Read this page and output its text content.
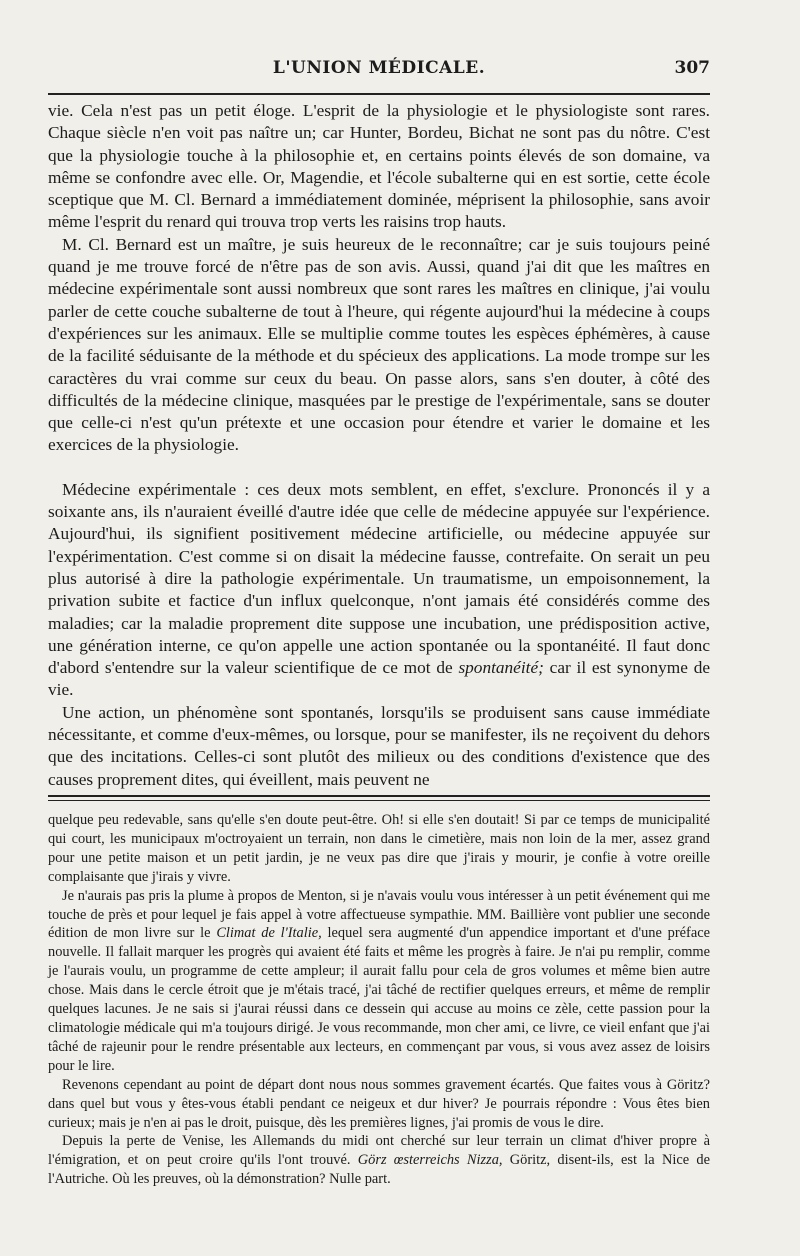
L'UNION MÉDICALE.	307

vie. Cela n'est pas un petit éloge. L'esprit de la physiologie et le physiologiste sont rares. Chaque siècle n'en voit pas naître un; car Hunter, Bordeu, Bichat ne sont pas du nôtre. C'est que la physiologie touche à la philosophie et, en certains points élevés de son domaine, va même se confondre avec elle. Or, Magendie, et l'école subalterne qui en est sortie, cette école sceptique que M. Cl. Bernard a immédiatement dominée, méprisent la philosophie, sans avoir même l'esprit du renard qui trouva trop verts les raisins trop hauts.

M. Cl. Bernard est un maître, je suis heureux de le reconnaître; car je suis toujours peiné quand je me trouve forcé de n'être pas de son avis. Aussi, quand j'ai dit que les maîtres en médecine expérimentale sont aussi nombreux que sont rares les maîtres en clinique, j'ai voulu parler de cette couche subalterne de tout à l'heure, qui régente aujourd'hui la médecine à coups d'expériences sur les animaux. Elle se multiplie comme toutes les espèces éphémères, à cause de la facilité séduisante de la méthode et du spécieux des applications. La mode trompe sur les caractères du vrai comme sur ceux du beau. On passe alors, sans s'en douter, à côté des difficultés de la médecine clinique, masquées par le prestige de l'expérimentale, sans se douter que celle-ci n'est qu'un prétexte et une occasion pour étendre et varier le domaine et les exercices de la physiologie.

Médecine expérimentale : ces deux mots semblent, en effet, s'exclure. Prononcés il y a soixante ans, ils n'auraient éveillé d'autre idée que celle de médecine appuyée sur l'expérience. Aujourd'hui, ils signifient positivement médecine artificielle, ou médecine appuyée sur l'expérimentation. C'est comme si on disait la médecine fausse, contrefaite. On serait un peu plus autorisé à dire la pathologie expérimentale. Un traumatisme, un empoisonnement, la privation subite et factice d'un influx quelconque, n'ont jamais été considérés comme des maladies; car la maladie proprement dite suppose une incubation, une prédisposition active, une génération interne, ce qu'on appelle une action spontanée ou la spontanéité. Il faut donc d'abord s'entendre sur la valeur scientifique de ce mot de spontanéité; car il est synonyme de vie.

Une action, un phénomène sont spontanés, lorsqu'ils se produisent sans cause immédiate nécessitante, et comme d'eux-mêmes, ou lorsque, pour se manifester, ils ne reçoivent du dehors que des incitations. Celles-ci sont plutôt des milieux ou des conditions d'existence que des causes proprement dites, qui éveillent, mais peuvent ne

quelque peu redevable, sans qu'elle s'en doute peut-être. Oh! si elle s'en doutait! Si par ce temps de municipalité qui court, les municipaux m'octroyaient un terrain, non dans le cimetière, mais non loin de la mer, assez grand pour une petite maison et un petit jardin, je ne veux pas dire que j'irais y mourir, je confie à votre oreille complaisante que j'irais y vivre.

Je n'aurais pas pris la plume à propos de Menton, si je n'avais voulu vous intéresser à un petit événement qui me touche de près et pour lequel je fais appel à votre affectueuse sympathie. MM. Baillière vont publier une seconde édition de mon livre sur le Climat de l'Italie, lequel sera augmenté d'un appendice important et d'une préface nouvelle. Il fallait marquer les progrès qui avaient été faits et même les progrès à faire. Je n'ai pu remplir, comme je l'aurais voulu, un programme de cette ampleur; il aurait fallu pour cela de gros volumes et même bien autre chose. Mais dans le cercle étroit que je m'étais tracé, j'ai tâché de rectifier quelques erreurs, et même de remplir quelques lacunes. Je ne sais si j'aurai réussi dans ce dessein qui accuse au moins ce zèle, cette passion pour la climatologie médicale qui m'a toujours dirigé. Je vous recommande, mon cher ami, ce livre, ce vieil enfant que j'ai tâché de rajeunir pour le rendre présentable aux lecteurs, en commençant par vous, si vous avez assez de loisirs pour le lire.

Revenons cependant au point de départ dont nous nous sommes gravement écartés. Que faites vous à Göritz? dans quel but vous y êtes-vous établi pendant ce neigeux et dur hiver? Je pourrais répondre : Vous êtes bien curieux; mais je n'en ai pas le droit, puisque, dès les premières lignes, j'ai promis de vous le dire.

Depuis la perte de Venise, les Allemands du midi ont cherché sur leur terrain un climat d'hiver propre à l'émigration, et on peut croire qu'ils l'ont trouvé. Görz œsterreichs Nizza, Göritz, disent-ils, est la Nice de l'Autriche. Où les preuves, où la démonstration? Nulle part.
